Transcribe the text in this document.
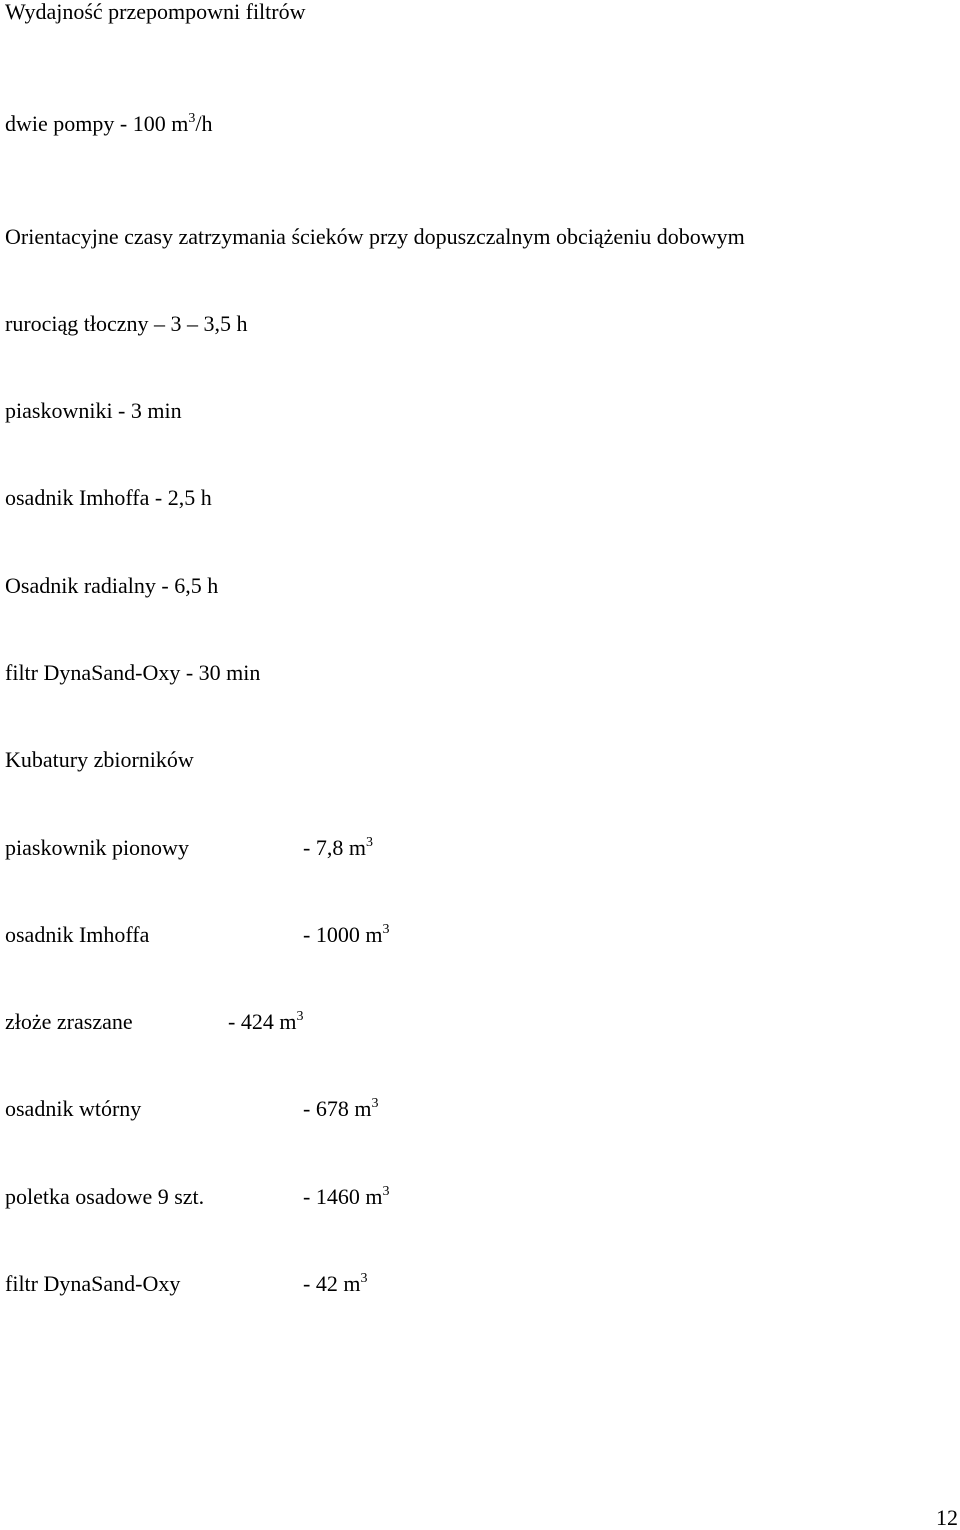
Wydajność przepompowni filtrów
dwie pompy - 100 $m^3/h$
Orientacyjne czasy zatrzymania ścieków przy dopuszczalnym obciążeniu dobowym
rurociąg tłoczny – 3 – 3,5 h
piaskowniki - 3 min
osadnik Imhoffa - 2,5 h
Osadnik radialny - 6,5 h
filtr DynaSand-Oxy - 30 min
Kubatury zbiorników
piaskownik pionowy	- 7,8 $m^3$
osadnik Imhoffa	- 1000 $m^3$
złoże zraszane	- 424 $m^3$
osadnik wtórny	- 678 $m^3$
poletka osadowe 9 szt.	- 1460 $m^3$
filtr DynaSand-Oxy	- 42 $m^3$
12
